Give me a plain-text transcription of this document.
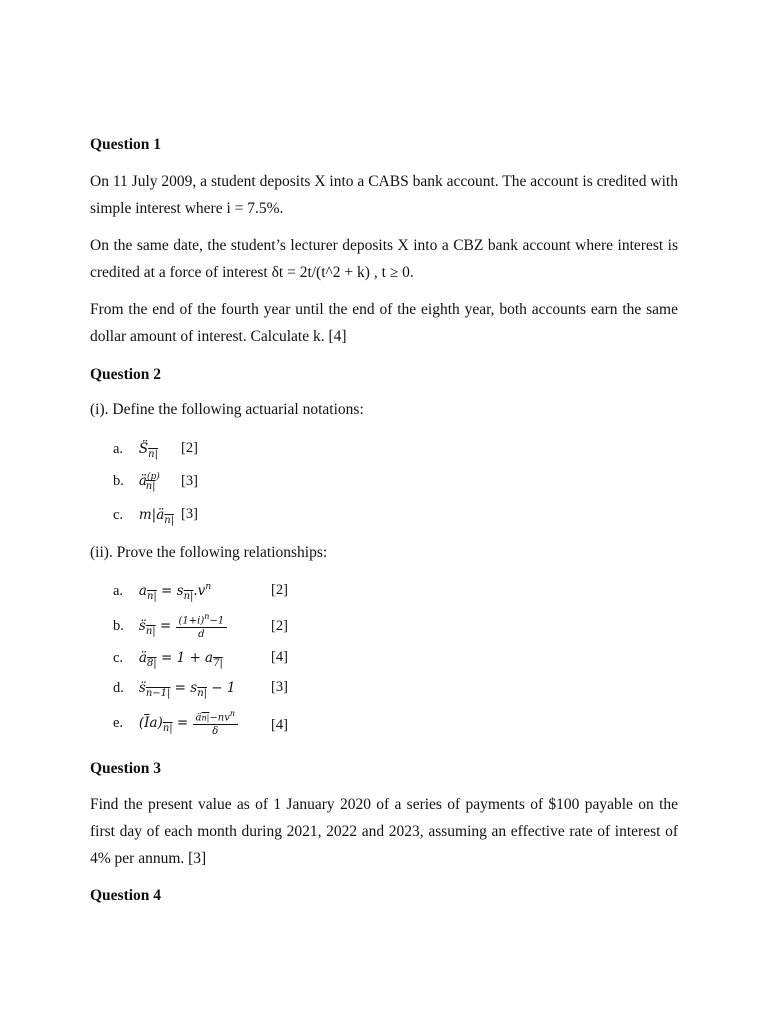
Question 1
On 11 July 2009, a student deposits X into a CABS bank account. The account is credited with simple interest where i = 7.5%.
On the same date, the student’s lecturer deposits X into a CBZ bank account where interest is credited at a force of interest δt = 2t/(t^2 + k) , t ≥ 0.
From the end of the fourth year until the end of the eighth year, both accounts earn the same dollar amount of interest. Calculate k. [4]
Question 2
(i). Define the following actuarial notations:
a. $S̈_{n|}$ [2]
b. $ä^{(p)}_{n|}$ [3]
c. $m|ä_{n|}$ [3]
(ii). Prove the following relationships:
a. $a_{n|} = s_{n|}.v^n$	[2]
b. $s̈_{n|} = \frac{(1+i)^n-1}{d}$	[2]
c. $ä_{8|} = 1 + a_{7|}$	[4]
d. $s̈_{n-1|} = s_{n|} - 1$ [3]
e. $(\overline{I}a)_{n|} = \frac{än|-nv^n}{\delta} [4]$
Question 3
Find the present value as of 1 January 2020 of a series of payments of $100 payable on the first day of each month during 2021, 2022 and 2023, assuming an effective rate of interest of 4% per annum. [3]
Question 4
